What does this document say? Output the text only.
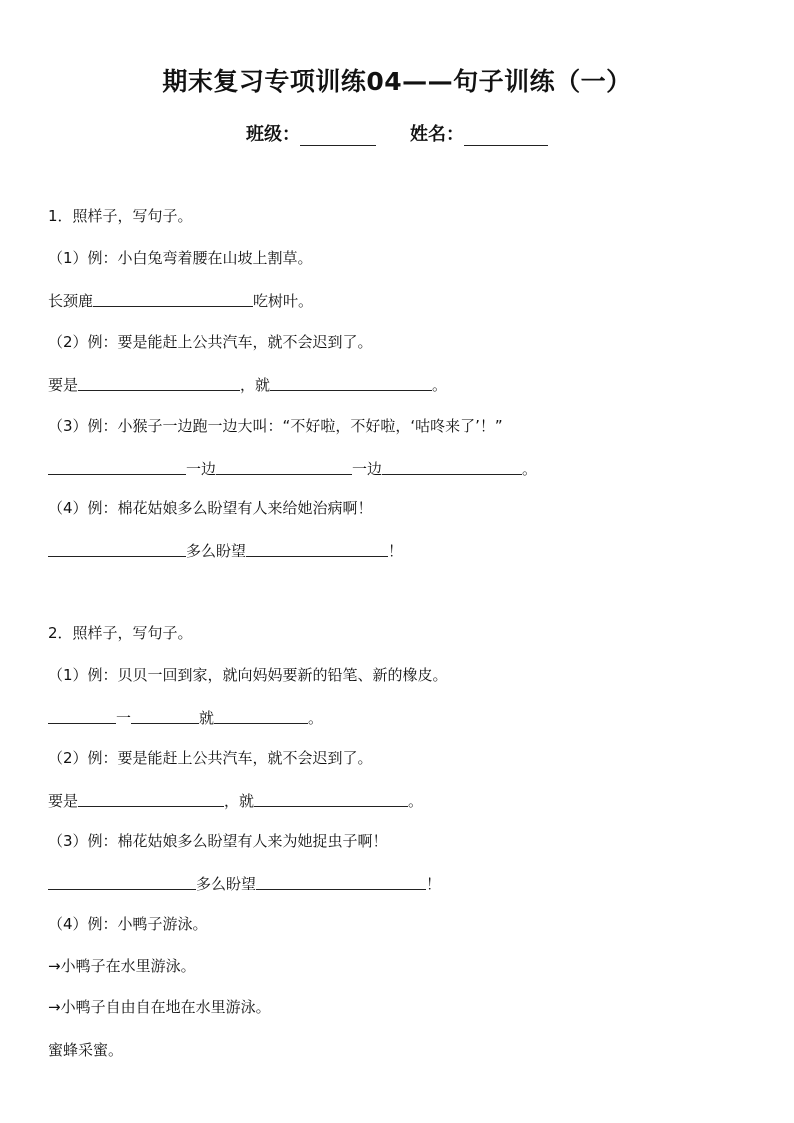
期末复习专项训练04——句子训练（一）
班级：	姓名：
1．照样子，写句子。
（1）例：小白兔弯着腰在山坡上割草。
长颈鹿	吃树叶。
（2）例：要是能赶上公共汽车，就不会迟到了。
要是	，就	。
（3）例：小猴子一边跑一边大叫：“不好啦，不好啦，‘咕咚来了’！”
一边	一边	。
（4）例：棉花姑娘多么盼望有人来给她治病啊！
多么盼望	！
2．照样子，写句子。
（1）例：贝贝一回到家，就向妈妈要新的铅笔、新的橡皮。
一	就	。
（2）例：要是能赶上公共汽车，就不会迟到了。
要是	，就	。
（3）例：棉花姑娘多么盼望有人来为她捉虫子啊！
多么盼望	！
（4）例：小鸭子游泳。
→小鸭子在水里游泳。
→小鸭子自由自在地在水里游泳。
蜜蜂采蜜。
